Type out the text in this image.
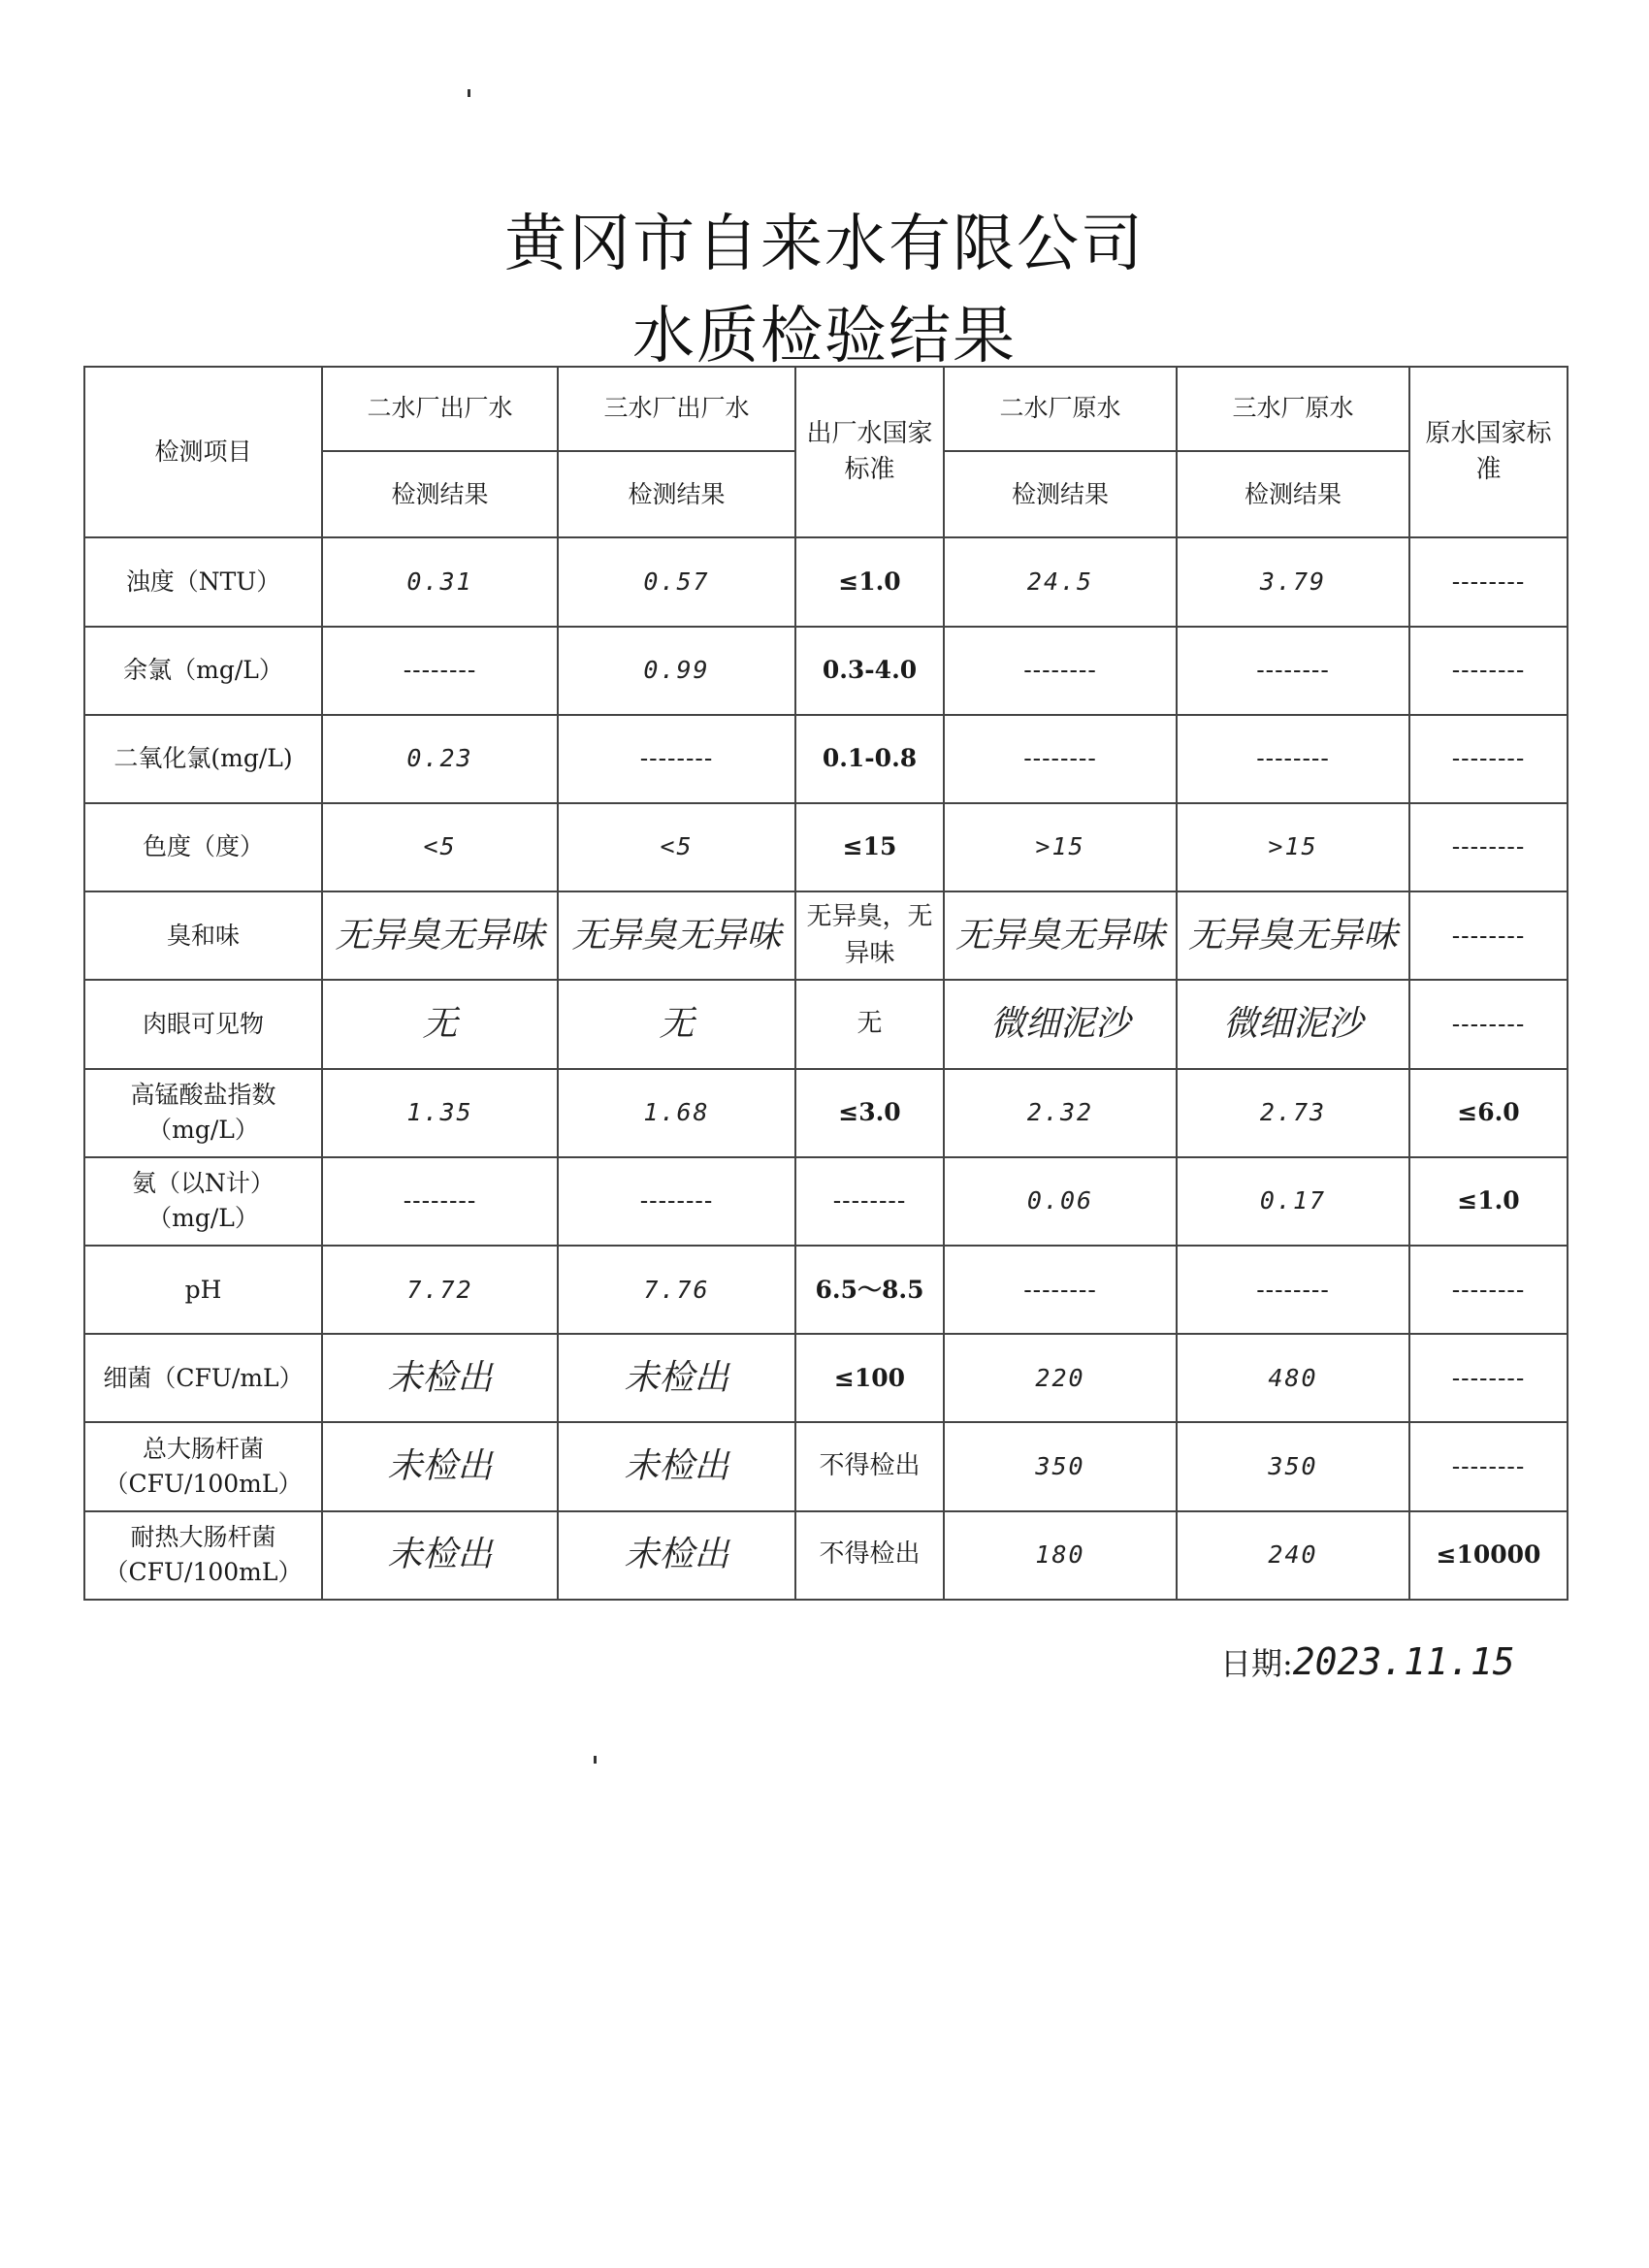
黄冈市自来水有限公司
水质检验结果
检测项目	二水厂出厂水	三水厂出厂水	出厂水国家标准	二水厂原水	三水厂原水	原水国家标准
	检测结果	检测结果		检测结果	检测结果	
浊度（NTU）	0.31	0.57	≤1.0	24.5	3.79	--------
余氯（mg/L）	--------	0.99	0.3-4.0	--------	--------	--------
二氧化氯(mg/L)	0.23	--------	0.1-0.8	--------	--------	--------
色度（度）	<5	<5	≤15	>15	>15	--------
臭和味	无异臭无异味	无异臭无异味	无异臭，无异味	无异臭无异味	无异臭无异味	--------
肉眼可见物	无	无	无	微细泥沙	微细泥沙	--------
高锰酸盐指数（mg/L）	1.35	1.68	≤3.0	2.32	2.73	≤6.0
氨（以N计）（mg/L）	--------	--------	--------	0.06	0.17	≤1.0
pH	7.72	7.76	6.5～8.5	--------	--------	--------
细菌（CFU/mL）	未检出	未检出	≤100	220	480	--------
总大肠杆菌（CFU/100mL）	未检出	未检出	不得检出	350	350	--------
耐热大肠杆菌（CFU/100mL）	未检出	未检出	不得检出	180	240	≤10000
日期:2023.11.15
